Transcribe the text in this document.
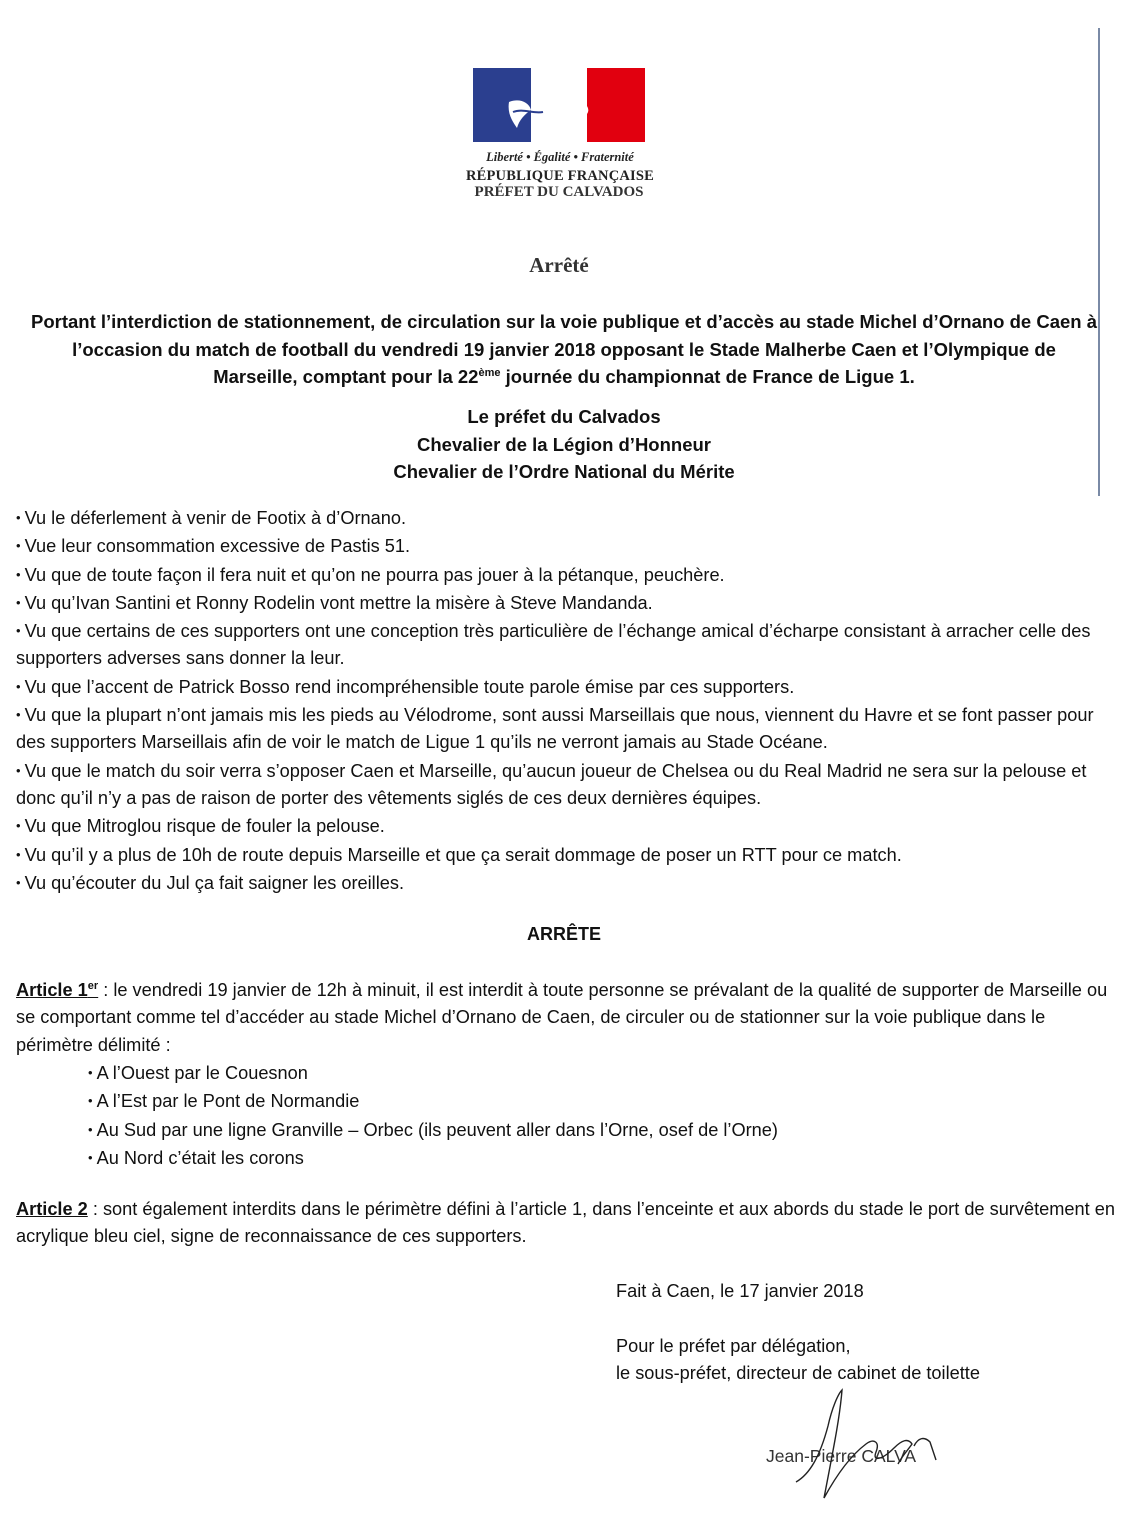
Liberté • Égalité • Fraternité
RÉPUBLIQUE FRANÇAISE
PRÉFET DU CALVADOS
Arrêté
Portant l’interdiction de stationnement, de circulation sur la voie publique et d’accès au stade Michel d’Ornano de Caen à l’occasion du match de football du vendredi 19 janvier 2018 opposant le Stade Malherbe Caen et l’Olympique de Marseille, comptant pour la 22ème journée du championnat de France de Ligue 1.
Le préfet du Calvados
Chevalier de la Légion d’Honneur
Chevalier de l’Ordre National du Mérite

• Vu le déferlement à venir de Footix à d’Ornano.

• Vue leur consommation excessive de Pastis 51.

• Vu que de toute façon il fera nuit et qu’on ne pourra pas jouer à la pétanque, peuchère.

• Vu qu’Ivan Santini et Ronny Rodelin vont mettre la misère à Steve Mandanda.

• Vu que certains de ces supporters ont une conception très particulière de l’échange amical d’écharpe consistant à arracher celle des supporters adverses sans donner la leur.

• Vu que l’accent de Patrick Bosso rend incompréhensible toute parole émise par ces supporters.

• Vu que la plupart n’ont jamais mis les pieds au Vélodrome, sont aussi Marseillais que nous, viennent du Havre et se font passer pour des supporters Marseillais afin de voir le match de Ligue 1 qu’ils ne verront jamais au Stade Océane.

• Vu que le match du soir verra s’opposer Caen et Marseille, qu’aucun joueur de Chelsea ou du Real Madrid ne sera sur la pelouse et donc qu’il n’y a pas de raison de porter des vêtements siglés de ces deux dernières équipes.

• Vu que Mitroglou risque de fouler la pelouse.

• Vu qu’il y a plus de 10h de route depuis Marseille et que ça serait dommage de poser un RTT pour ce match.

• Vu qu’écouter du Jul ça fait saigner les oreilles.

ARRÊTE
Article 1er : le vendredi 19 janvier de 12h à minuit, il est interdit à toute personne se prévalant de la qualité de supporter de Marseille ou se comportant comme tel d’accéder au stade Michel d’Ornano de Caen, de circuler ou de stationner sur la voie publique dans le périmètre délimité :
• A l’Ouest par le Couesnon
• A l’Est par le Pont de Normandie
• Au Sud par une ligne Granville – Orbec (ils peuvent aller dans l’Orne, osef de l’Orne)
• Au Nord c’était les corons
Article 2 : sont également interdits dans le périmètre défini à l’article 1, dans l’enceinte et aux abords du stade le port de survêtement en acrylique bleu ciel, signe de reconnaissance de ces supporters.
Fait à Caen, le 17 janvier 2018
Pour le préfet par délégation,
le sous-préfet, directeur de cabinet de toilette
Jean-Pierre CALVA
